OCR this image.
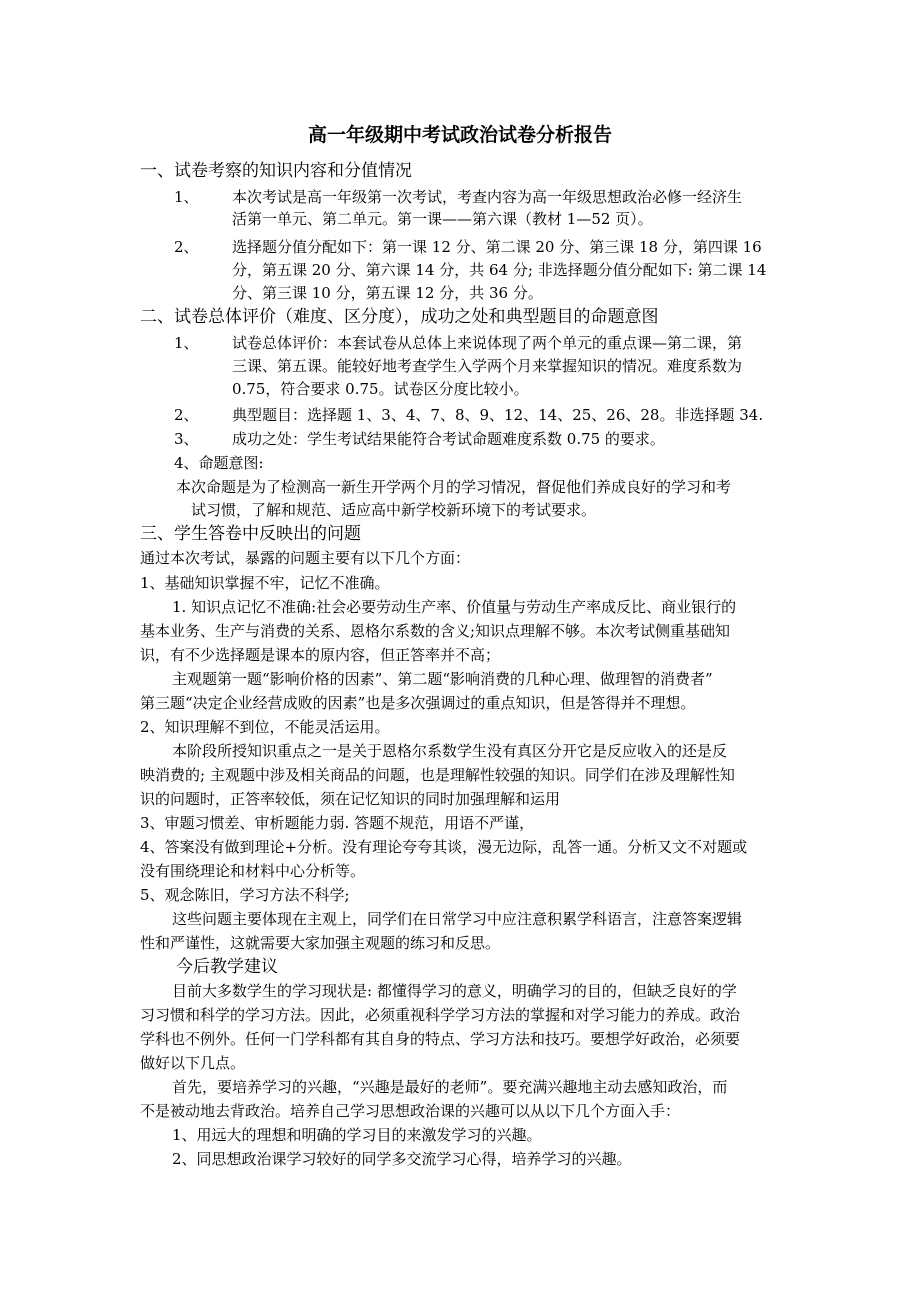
高一年级期中考试政治试卷分析报告
一、试卷考察的知识内容和分值情况
1、 本次考试是高一年级第一次考试，考查内容为高一年级思想政治必修一经济生
活第一单元、第二单元。第一课——第六课（教材 1—52 页）。
2、 选择题分值分配如下：第一课 12 分、第二课 20 分、第三课 18 分，第四课 16
分，第五课 20 分、第六课 14 分，共 64 分; 非选择题分值分配如下: 第二课 14
分、第三课 10 分，第五课 12 分，共 36 分。
二、试卷总体评价（难度、区分度），成功之处和典型题目的命题意图
1、 试卷总体评价：本套试卷从总体上来说体现了两个单元的重点课—第二课，第
三课、第五课。能较好地考查学生入学两个月来掌握知识的情况。难度系数为
0.75，符合要求 0.75。试卷区分度比较小。
2、 典型题目：选择题 1、3、4、7、8、9、12、14、25、26、28。非选择题 34.
3、 成功之处：学生考试结果能符合考试命题难度系数 0.75 的要求。
4、命题意图:
本次命题是为了检测高一新生开学两个月的学习情况，督促他们养成良好的学习和考
试习惯，了解和规范、适应高中新学校新环境下的考试要求。
三、学生答卷中反映出的问题
通过本次考试，暴露的问题主要有以下几个方面：
1、基础知识掌握不牢，记忆不准确。
1. 知识点记忆不准确:社会必要劳动生产率、价值量与劳动生产率成反比、商业银行的
基本业务、生产与消费的关系、恩格尔系数的含义;知识点理解不够。本次考试侧重基础知
识，有不少选择题是课本的原内容，但正答率并不高；
主观题第一题“影响价格的因素”、第二题“影响消费的几种心理、做理智的消费者”
第三题“决定企业经营成败的因素”也是多次强调过的重点知识，但是答得并不理想。
2、知识理解不到位，不能灵活运用。
本阶段所授知识重点之一是关于恩格尔系数学生没有真区分开它是反应收入的还是反
映消费的; 主观题中涉及相关商品的问题，也是理解性较强的知识。同学们在涉及理解性知
识的问题时，正答率较低，须在记忆知识的同时加强理解和运用
3、审题习惯差、审析题能力弱. 答题不规范，用语不严谨，
4、答案没有做到理论+分析。没有理论夸夸其谈，漫无边际，乱答一通。分析又文不对题或
没有围绕理论和材料中心分析等。
5、观念陈旧，学习方法不科学;
这些问题主要体现在主观上，同学们在日常学习中应注意积累学科语言，注意答案逻辑
性和严谨性，这就需要大家加强主观题的练习和反思。
今后教学建议
目前大多数学生的学习现状是: 都懂得学习的意义，明确学习的目的，但缺乏良好的学
习习惯和科学的学习方法。因此，必须重视科学学习方法的掌握和对学习能力的养成。政治
学科也不例外。任何一门学科都有其自身的特点、学习方法和技巧。要想学好政治，必须要
做好以下几点。
首先，要培养学习的兴趣，“兴趣是最好的老师”。要充满兴趣地主动去感知政治，而
不是被动地去背政治。培养自己学习思想政治课的兴趣可以从以下几个方面入手：
1、用远大的理想和明确的学习目的来激发学习的兴趣。
2、同思想政治课学习较好的同学多交流学习心得，培养学习的兴趣。
